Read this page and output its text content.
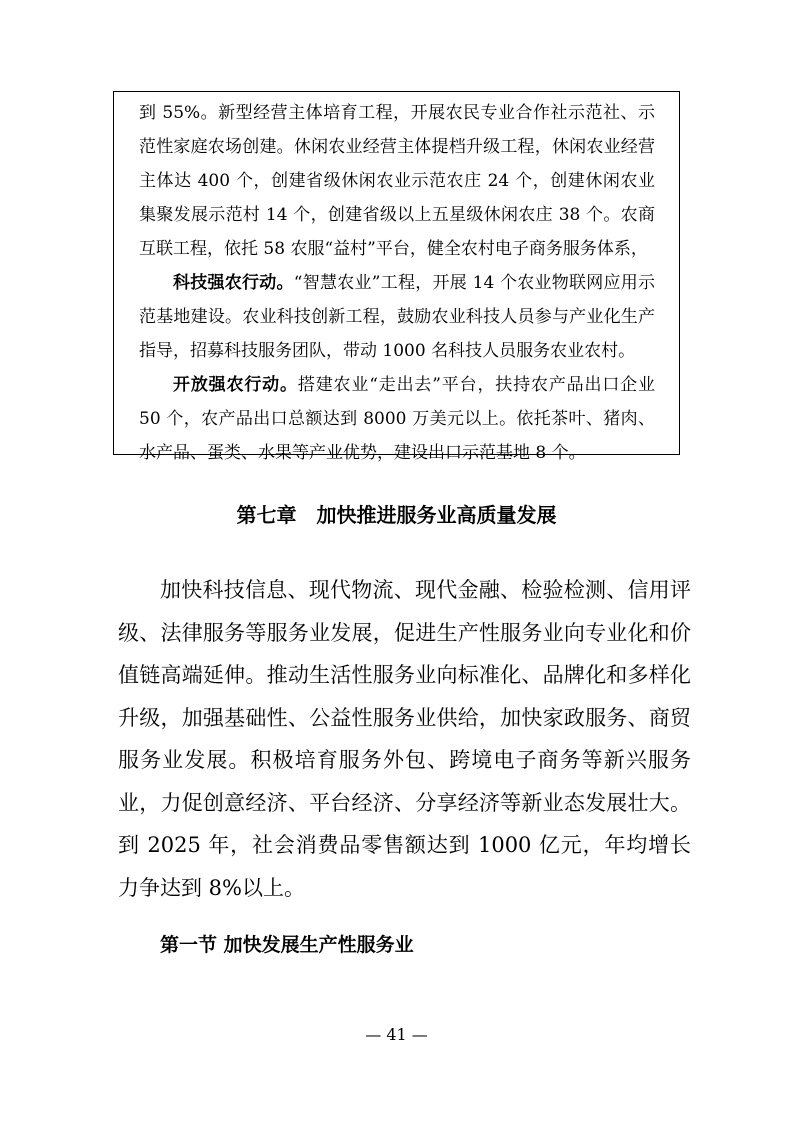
到 55%。新型经营主体培育工程，开展农民专业合作社示范社、示范性家庭农场创建。休闲农业经营主体提档升级工程，休闲农业经营主体达 400 个，创建省级休闲农业示范农庄 24 个，创建休闲农业集聚发展示范村 14 个，创建省级以上五星级休闲农庄 38 个。农商互联工程，依托 58 农服“益村”平台，健全农村电子商务服务体系，

科技强农行动。“智慧农业”工程，开展 14 个农业物联网应用示范基地建设。农业科技创新工程，鼓励农业科技人员参与产业化生产指导，招募科技服务团队，带动 1000 名科技人员服务农业农村。

开放强农行动。搭建农业“走出去”平台，扶持农产品出口企业 50 个，农产品出口总额达到 8000 万美元以上。依托茶叶、猪肉、水产品、蛋类、水果等产业优势，建设出口示范基地 8 个。

第七章　加快推进服务业高质量发展

加快科技信息、现代物流、现代金融、检验检测、信用评级、法律服务等服务业发展，促进生产性服务业向专业化和价值链高端延伸。推动生活性服务业向标准化、品牌化和多样化升级，加强基础性、公益性服务业供给，加快家政服务、商贸服务业发展。积极培育服务外包、跨境电子商务等新兴服务业，力促创意经济、平台经济、分享经济等新业态发展壮大。到 2025 年，社会消费品零售额达到 1000 亿元，年均增长力争达到 8%以上。

第一节 加快发展生产性服务业

— 41 —
